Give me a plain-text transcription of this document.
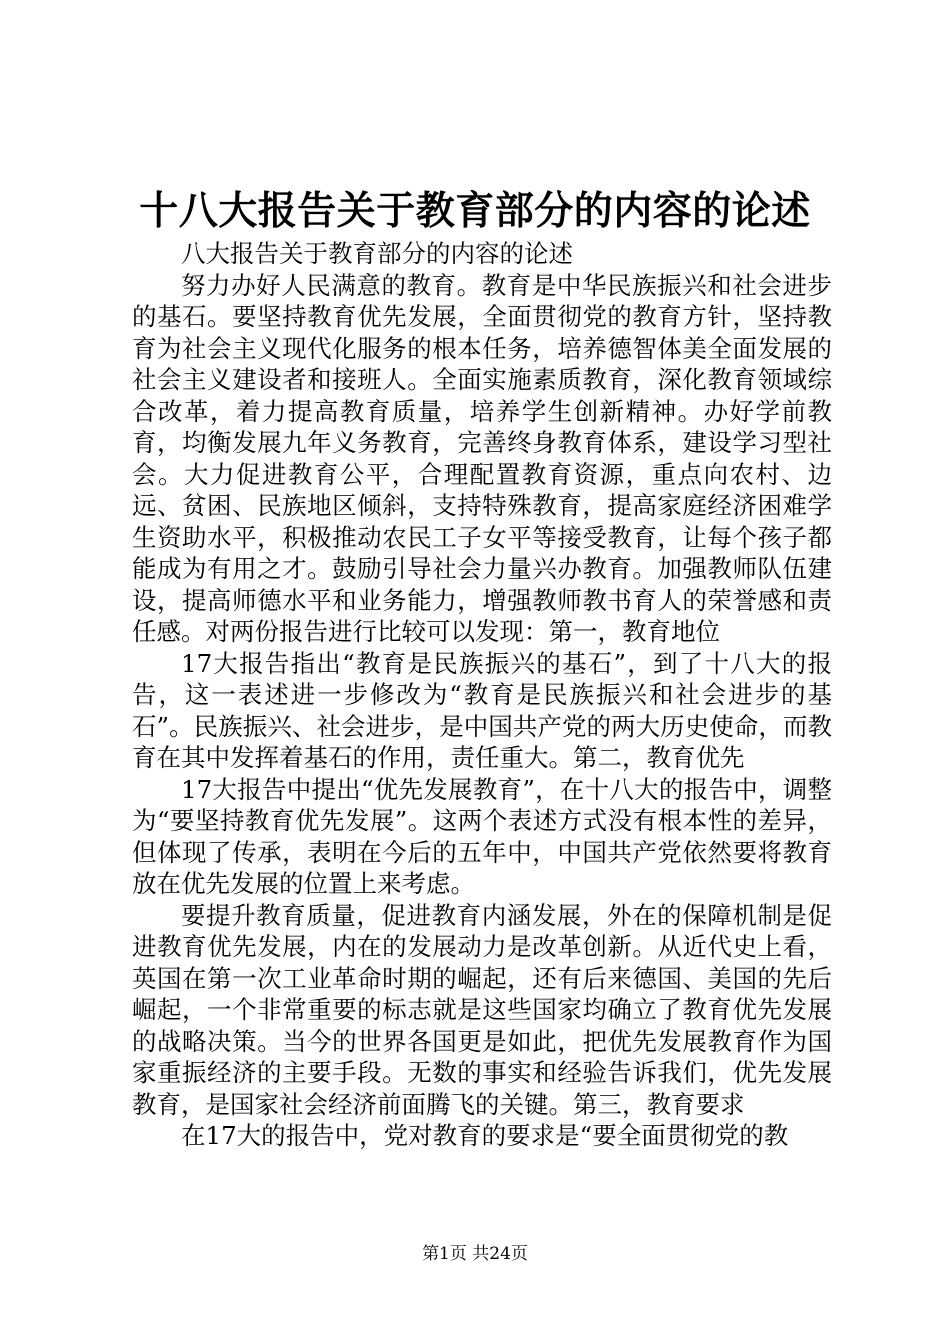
十八大报告关于教育部分的内容的论述

八大报告关于教育部分的内容的论述

努力办好人民满意的教育。教育是中华民族振兴和社会进步的基石。要坚持教育优先发展，全面贯彻党的教育方针，坚持教育为社会主义现代化服务的根本任务，培养德智体美全面发展的社会主义建设者和接班人。全面实施素质教育，深化教育领域综合改革，着力提高教育质量，培养学生创新精神。办好学前教育，均衡发展九年义务教育，完善终身教育体系，建设学习型社会。大力促进教育公平，合理配置教育资源，重点向农村、边远、贫困、民族地区倾斜，支持特殊教育，提高家庭经济困难学生资助水平，积极推动农民工子女平等接受教育，让每个孩子都能成为有用之才。鼓励引导社会力量兴办教育。加强教师队伍建设，提高师德水平和业务能力，增强教师教书育人的荣誉感和责任感。对两份报告进行比较可以发现：第一，教育地位

17大报告指出“教育是民族振兴的基石”，到了十八大的报告，这一表述进一步修改为“教育是民族振兴和社会进步的基石”。民族振兴、社会进步，是中国共产党的两大历史使命，而教育在其中发挥着基石的作用，责任重大。第二，教育优先

17大报告中提出“优先发展教育”，在十八大的报告中，调整为“要坚持教育优先发展”。这两个表述方式没有根本性的差异，但体现了传承，表明在今后的五年中，中国共产党依然要将教育放在优先发展的位置上来考虑。

要提升教育质量，促进教育内涵发展，外在的保障机制是促进教育优先发展，内在的发展动力是改革创新。从近代史上看，英国在第一次工业革命时期的崛起，还有后来德国、美国的先后崛起，一个非常重要的标志就是这些国家均确立了教育优先发展的战略决策。当今的世界各国更是如此，把优先发展教育作为国家重振经济的主要手段。无数的事实和经验告诉我们，优先发展教育，是国家社会经济前面腾飞的关键。第三，教育要求

在17大的报告中，党对教育的要求是“要全面贯彻党的教

第1页 共24页
